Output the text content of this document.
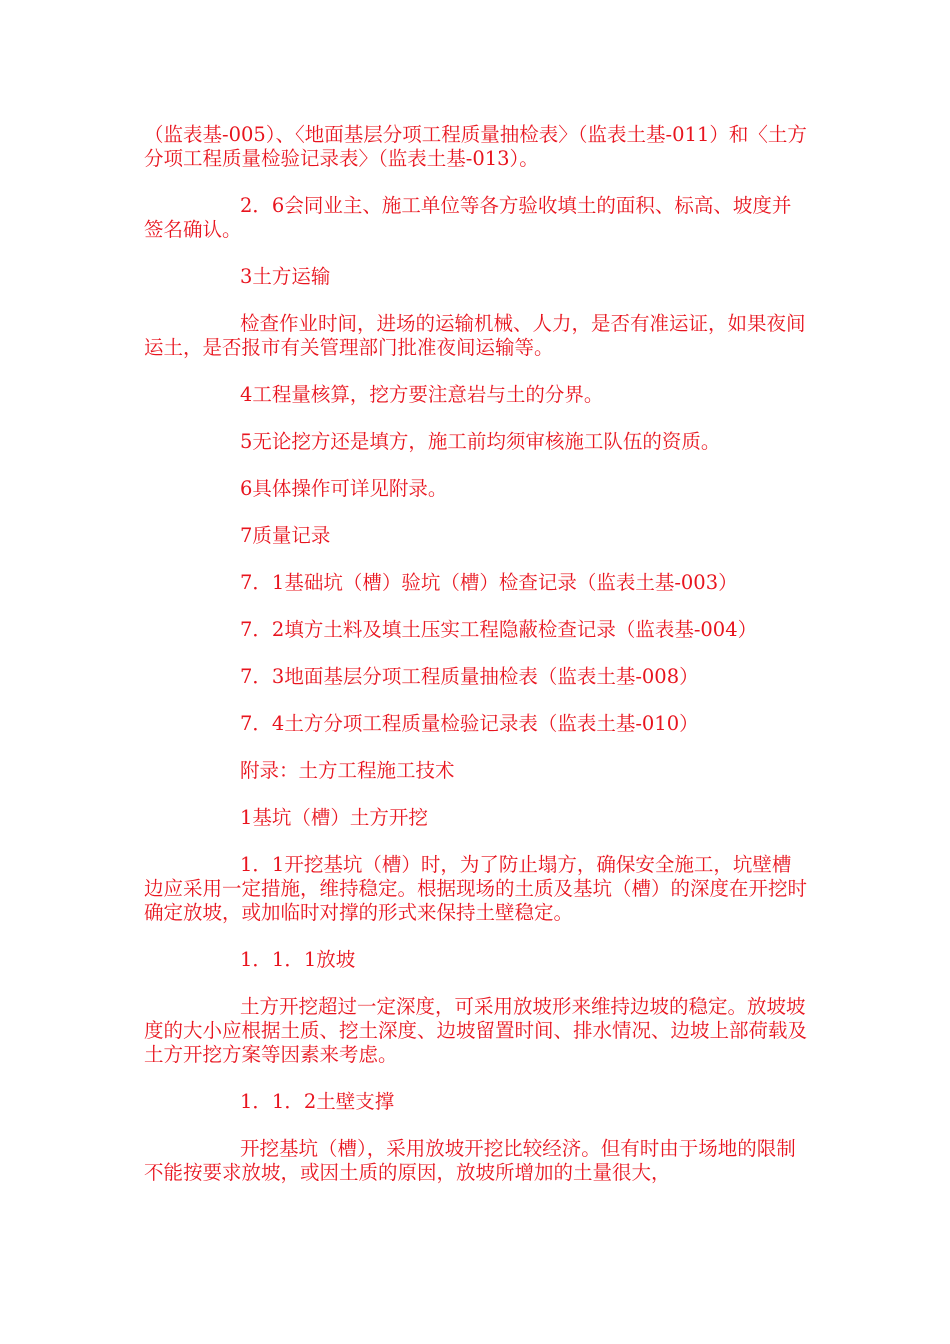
（监表基-005）、〈地面基层分项工程质量抽检表〉（监表土基-011）和〈土方分项工程质量检验记录表〉（监表土基-013）。

2．6会同业主、施工单位等各方验收填土的面积、标高、坡度并签名确认。

3土方运输

检查作业时间，进场的运输机械、人力，是否有准运证，如果夜间运土，是否报市有关管理部门批准夜间运输等。

4工程量核算，挖方要注意岩与土的分界。

5无论挖方还是填方，施工前均须审核施工队伍的资质。

6具体操作可详见附录。

7质量记录

7．1基础坑（槽）验坑（槽）检查记录（监表土基-003）

7．2填方土料及填土压实工程隐蔽检查记录（监表基-004）

7．3地面基层分项工程质量抽检表（监表土基-008）

7．4土方分项工程质量检验记录表（监表土基-010）

附录：土方工程施工技术

1基坑（槽）土方开挖

1．1开挖基坑（槽）时，为了防止塌方，确保安全施工，坑壁槽边应采用一定措施，维持稳定。根据现场的土质及基坑（槽）的深度在开挖时确定放坡，或加临时对撑的形式来保持土壁稳定。

1．1．1放坡

土方开挖超过一定深度，可采用放坡形来维持边坡的稳定。放坡坡度的大小应根据土质、挖土深度、边坡留置时间、排水情况、边坡上部荷载及土方开挖方案等因素来考虑。

1．1．2土壁支撑

开挖基坑（槽），采用放坡开挖比较经济。但有时由于场地的限制不能按要求放坡，或因土质的原因，放坡所增加的土量很大，
